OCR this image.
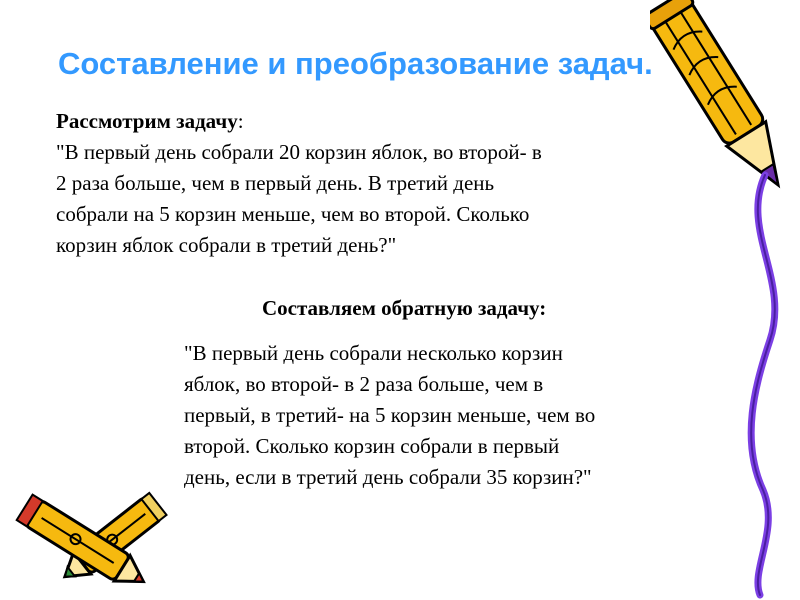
Составление и преобразование задач.
Рассмотрим задачу:
"В первый день собрали 20 корзин яблок, во второй- в
2 раза больше, чем в первый день. В третий день
собрали на 5 корзин меньше, чем во второй. Сколько
корзин яблок собрали в третий день?"
Составляем обратную задачу:
"В первый день собрали несколько корзин
яблок, во второй- в 2 раза больше, чем в
первый, в третий- на 5 корзин меньше, чем во
второй. Сколько корзин собрали в первый
день, если в третий день собрали 35 корзин?"
